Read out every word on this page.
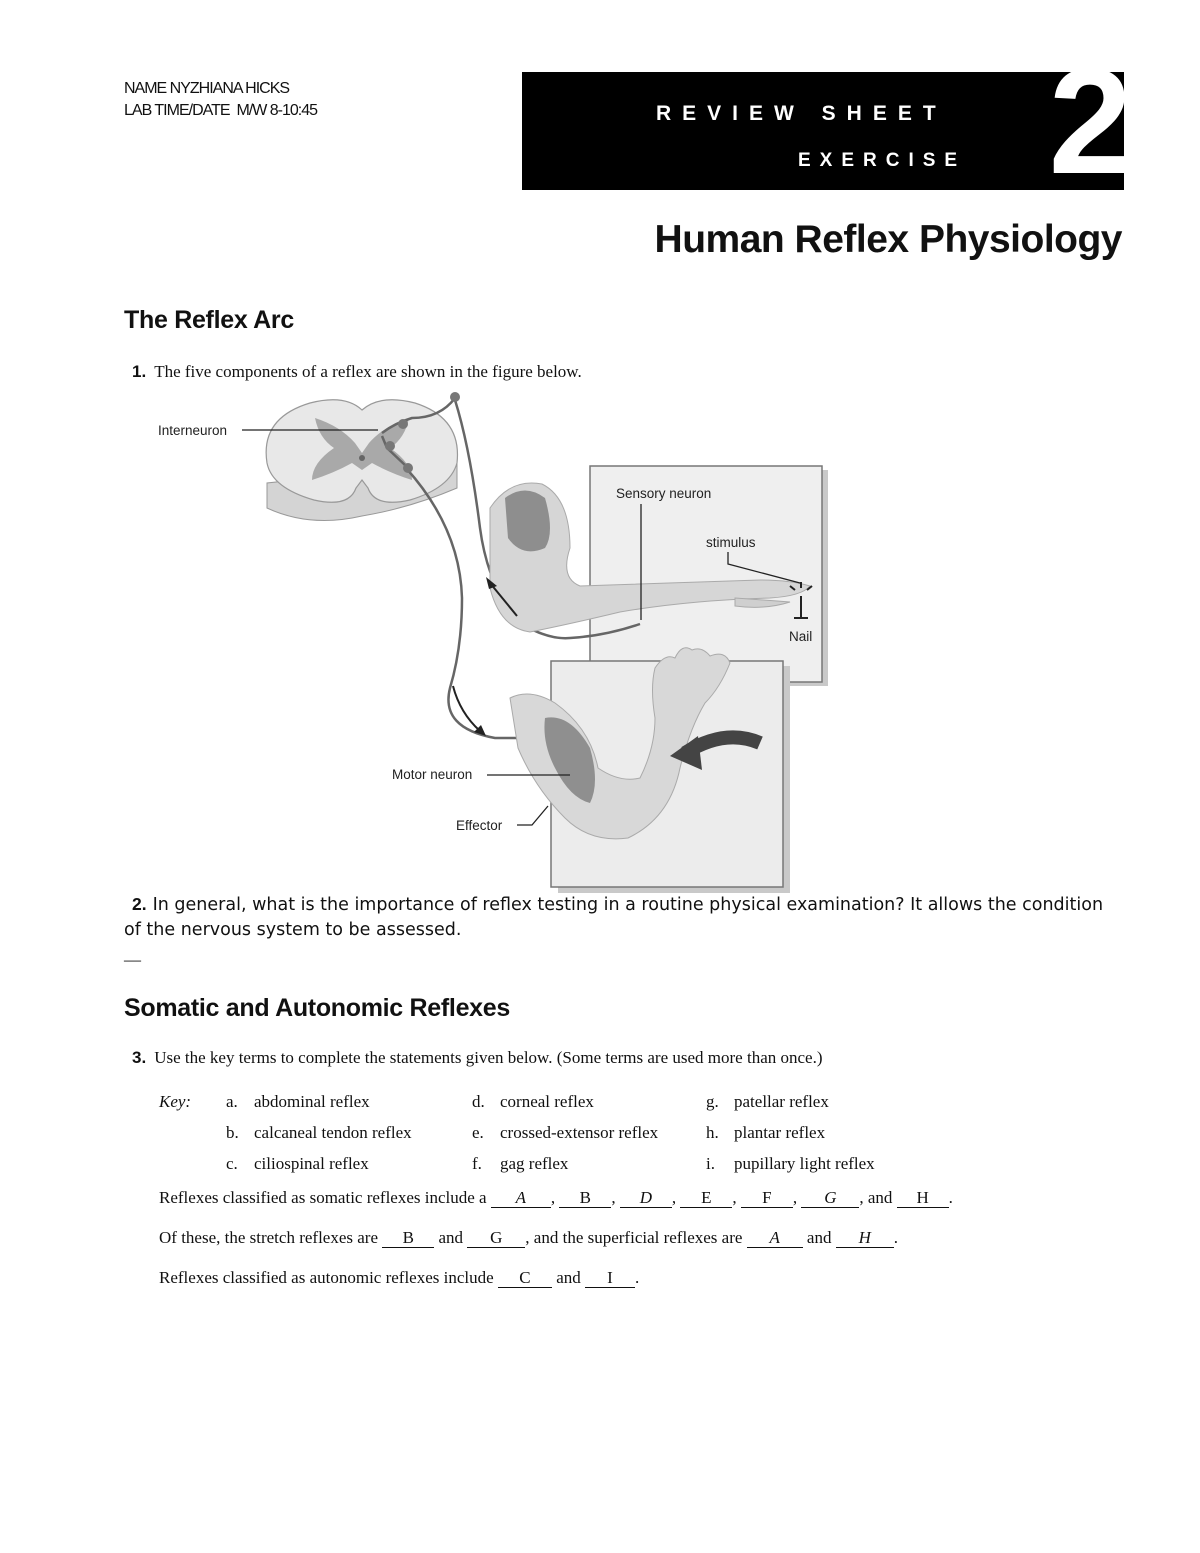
NAME NYZHIANA HICKS
LAB TIME/DATE  M/W 8-10:45	REVIEW SHEET
EXERCISE 2
Human Reflex Physiology
The Reflex Arc
1. The five components of a reflex are shown in the figure below.
Interneuron
Sensory neuron
stimulus
Nail
Motor neuron
Effector
2. In general, what is the importance of reflex testing in a routine physical examination? It allows the condition of the nervous system to be assessed.
—
Somatic and Autonomic Reflexes
3. Use the key terms to complete the statements given below. (Some terms are used more than once.)
Key: a. abdominal reflex
b. calcaneal tendon reflex
c. ciliospinal reflex
d. corneal reflex
e. crossed-extensor reflex
f. gag reflex
g. patellar reflex
h. plantar reflex
i. pupillary light reflex
Reflexes classified as somatic reflexes include a A , B , D , E , F , G , and H .
Of these, the stretch reflexes are B and G , and the superficial reflexes are A and H .
Reflexes classified as autonomic reflexes include C and I .
